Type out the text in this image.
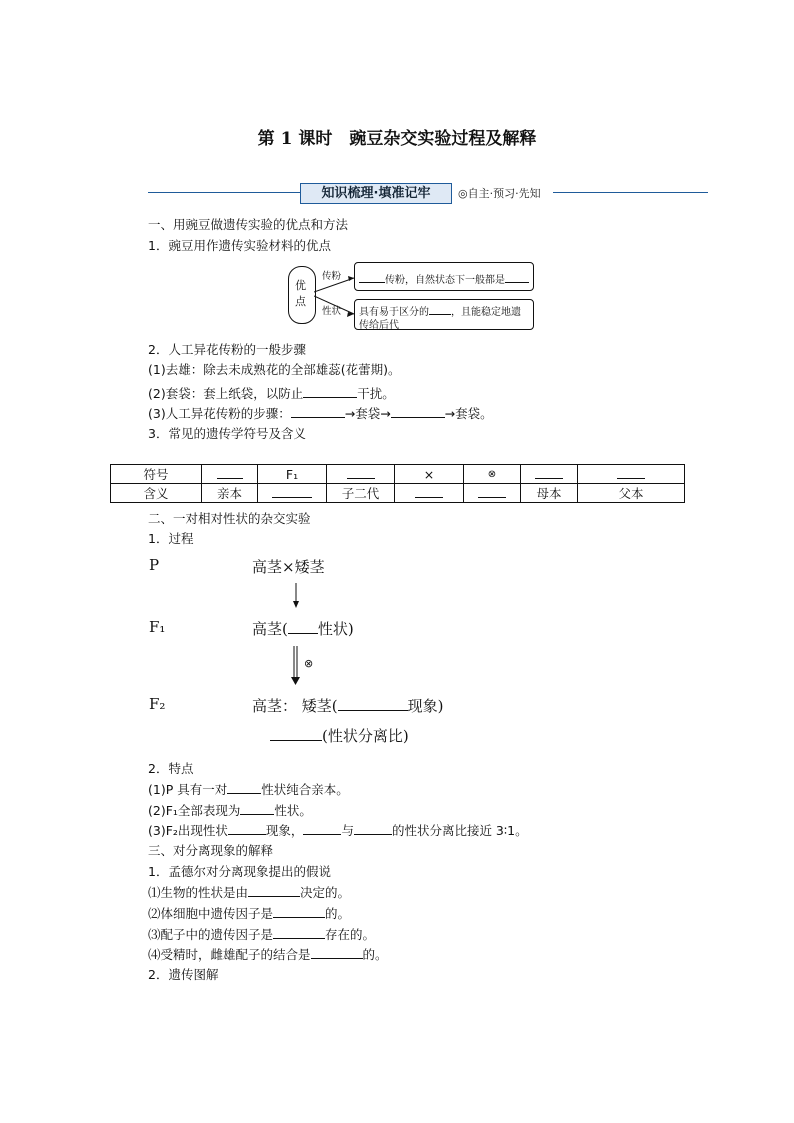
第 1 课时　豌豆杂交实验过程及解释
知识梳理·填准记牢	◎自主·预习·先知
一、用豌豆做遗传实验的优点和方法
1．豌豆用作遗传实验材料的优点
优
点
传粉
性状
传粉，自然状态下一般都是
具有易于区分的 ，且能稳定地遗
传给后代
2．人工异花传粉的一般步骤
(1)去雄：除去未成熟花的全部雄蕊(花蕾期)。
(2)套袋：套上纸袋，以防止	干扰。
(3)人工异花传粉的步骤：	→套袋→	→套袋。
3．常见的遗传学符号及含义
符号		F₁		×	⊗		
含义	亲本		子二代			母本	父本
二、一对相对性状的杂交实验
1．过程
P	高茎×矮茎
F₁	高茎( 性状)
⊗
F₂	高茎： 矮茎(	现象)
(性状分离比)
2．特点
(1)P 具有一对	性状纯合亲本。
(2)F₁全部表现为	性状。
(3)F₂出现性状	现象，	与	的性状分离比接近 3∶1。
三、对分离现象的解释
1．孟德尔对分离现象提出的假说
⑴生物的性状是由	决定的。
⑵体细胞中遗传因子是	的。
⑶配子中的遗传因子是	存在的。
⑷受精时，雌雄配子的结合是	的。
2．遗传图解
